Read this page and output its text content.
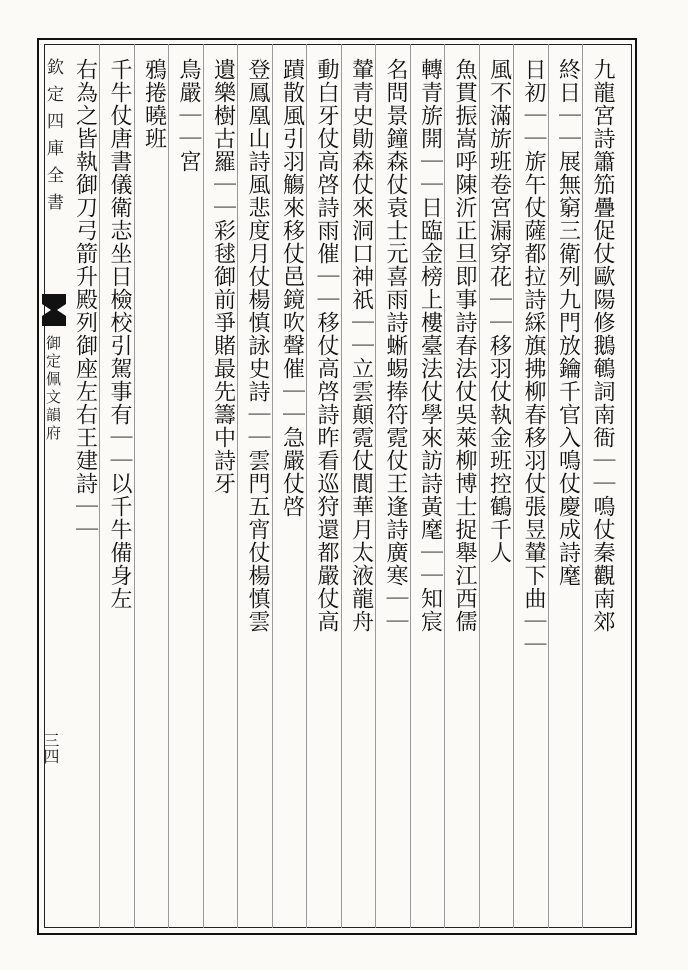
欽定四庫全書
御定佩文韻府
三四
九龍宮詩簫笳疊促仗歐陽修鵝鵪詞南衙｜｜鳴仗秦觀南郊
終日｜｜展無窮三衛列九門放鑰千官入鳴仗慶成詩麾
日初｜｜旂午仗薩都拉詩綵旗拂柳春移羽仗張昱輦下曲｜｜
風不滿旂班卷宮漏穿花｜｜移羽仗執金班控鶴千人
魚貫振嵩呼陳沂正旦即事詩春法仗吳萊柳博士捉舉江西儒
轉青旂開｜｜日臨金榜上樓臺法仗學來訪詩黃麾｜｜知宸
名問景鐘森仗袁士元喜雨詩蜥蜴捧符霓仗王逢詩廣寒｜｜
輦青史勛森仗來洞口神祇｜｜立雲顛霓仗閬華月太液龍舟
動白牙仗高啓詩雨催｜｜移仗高啓詩昨看巡狩還都嚴仗高
蹟散風引羽觴來移仗邑鏡吹聲催｜｜急嚴仗啓
登鳳凰山詩風悲度月仗楊慎詠史詩｜｜雲門五宵仗楊慎雲
遺樂樹古羅｜｜彩毬御前爭賭最先籌中詩牙
鳥嚴｜｜宮
鴉捲曉班
千牛仗唐書儀衛志坐日檢校引駕事有｜｜以千牛備身左
右為之皆執御刀弓箭升殿列御座左右王建詩｜｜
